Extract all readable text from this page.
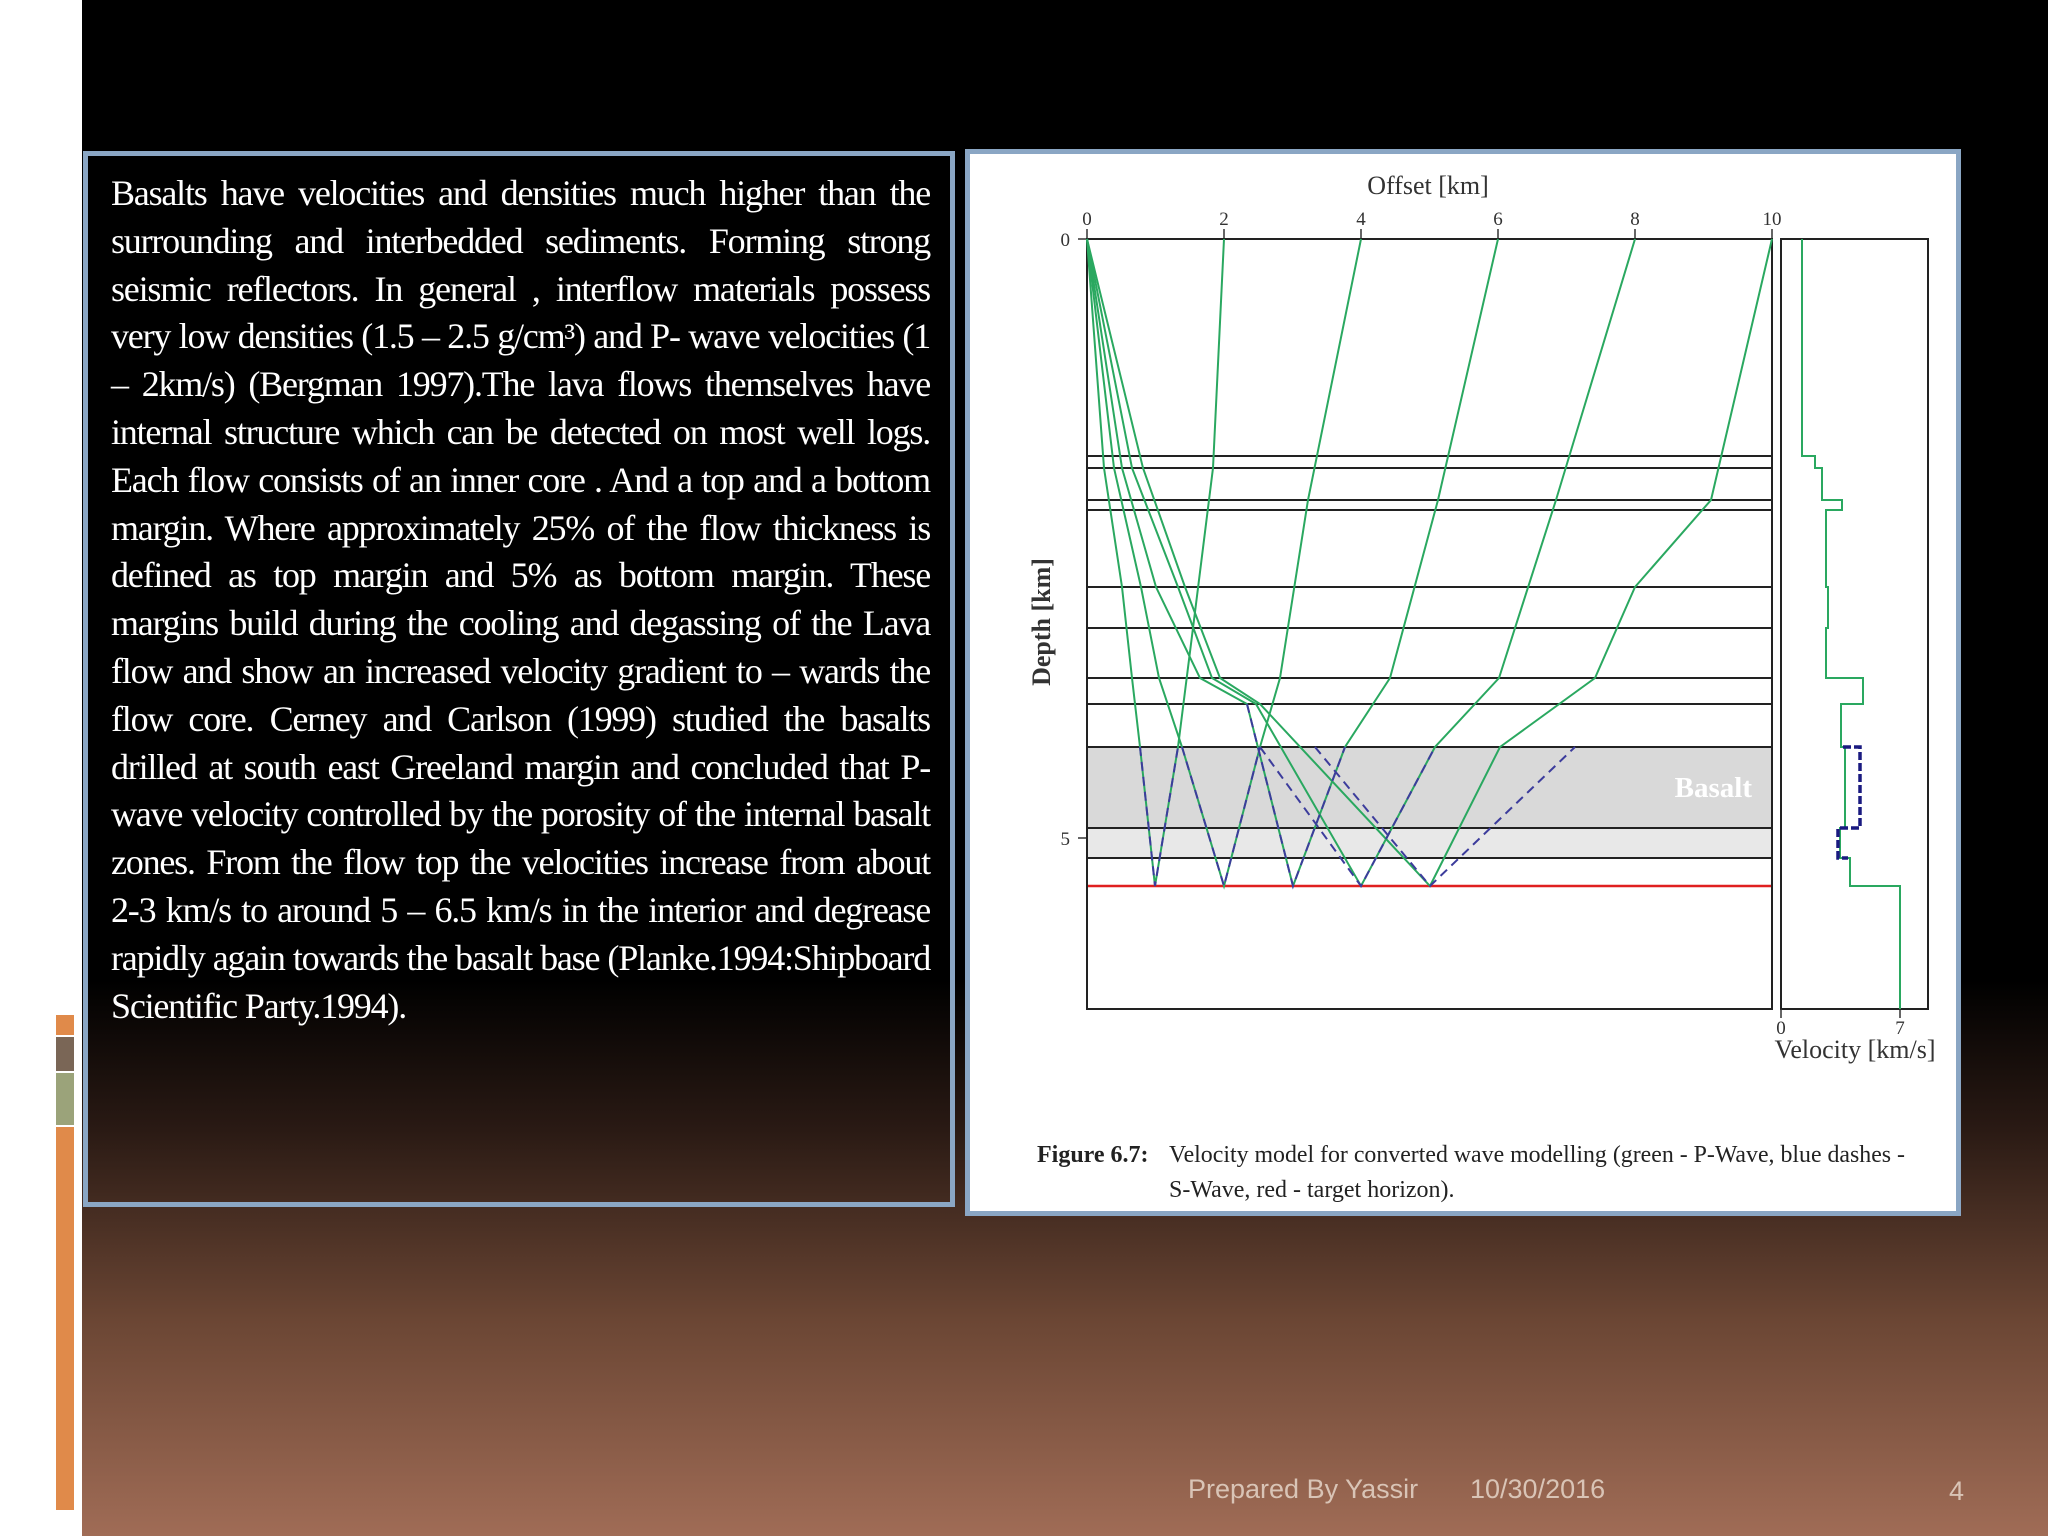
Basalts have velocities and densities much higher than the surrounding and interbedded sediments. Forming strong seismic reflectors. In general , interflow materials possess very low densities (1.5 – 2.5 g/cm³) and P- wave velocities (1 – 2km/s) (Bergman 1997).The lava flows themselves have internal structure which can be detected on most well logs. Each flow consists of an inner core . And a top and a bottom margin. Where approximately 25% of the flow thickness is defined as top margin and 5% as bottom margin. These margins build during the cooling and degassing of the Lava flow and show an increased velocity gradient to – wards the flow core. Cerney and Carlson (1999) studied the basalts drilled at south east Greeland margin and concluded that P- wave velocity controlled by the porosity of the internal basalt zones. From the flow top the velocities increase from about 2-3 km/s to around 5 – 6.5 km/s in the interior and degrease rapidly again towards the basalt base (Planke.1994:Shipboard Scientific Party.1994).

Offset [km]
0	2	4	6	8	10
0
5
Depth [km]
Basalt
0	7
Velocity [km/s]
Figure 6.7: Velocity model for converted wave modelling (green - P-Wave, blue dashes -
S-Wave, red - target horizon).
Prepared By Yassir 10/30/2016	4
